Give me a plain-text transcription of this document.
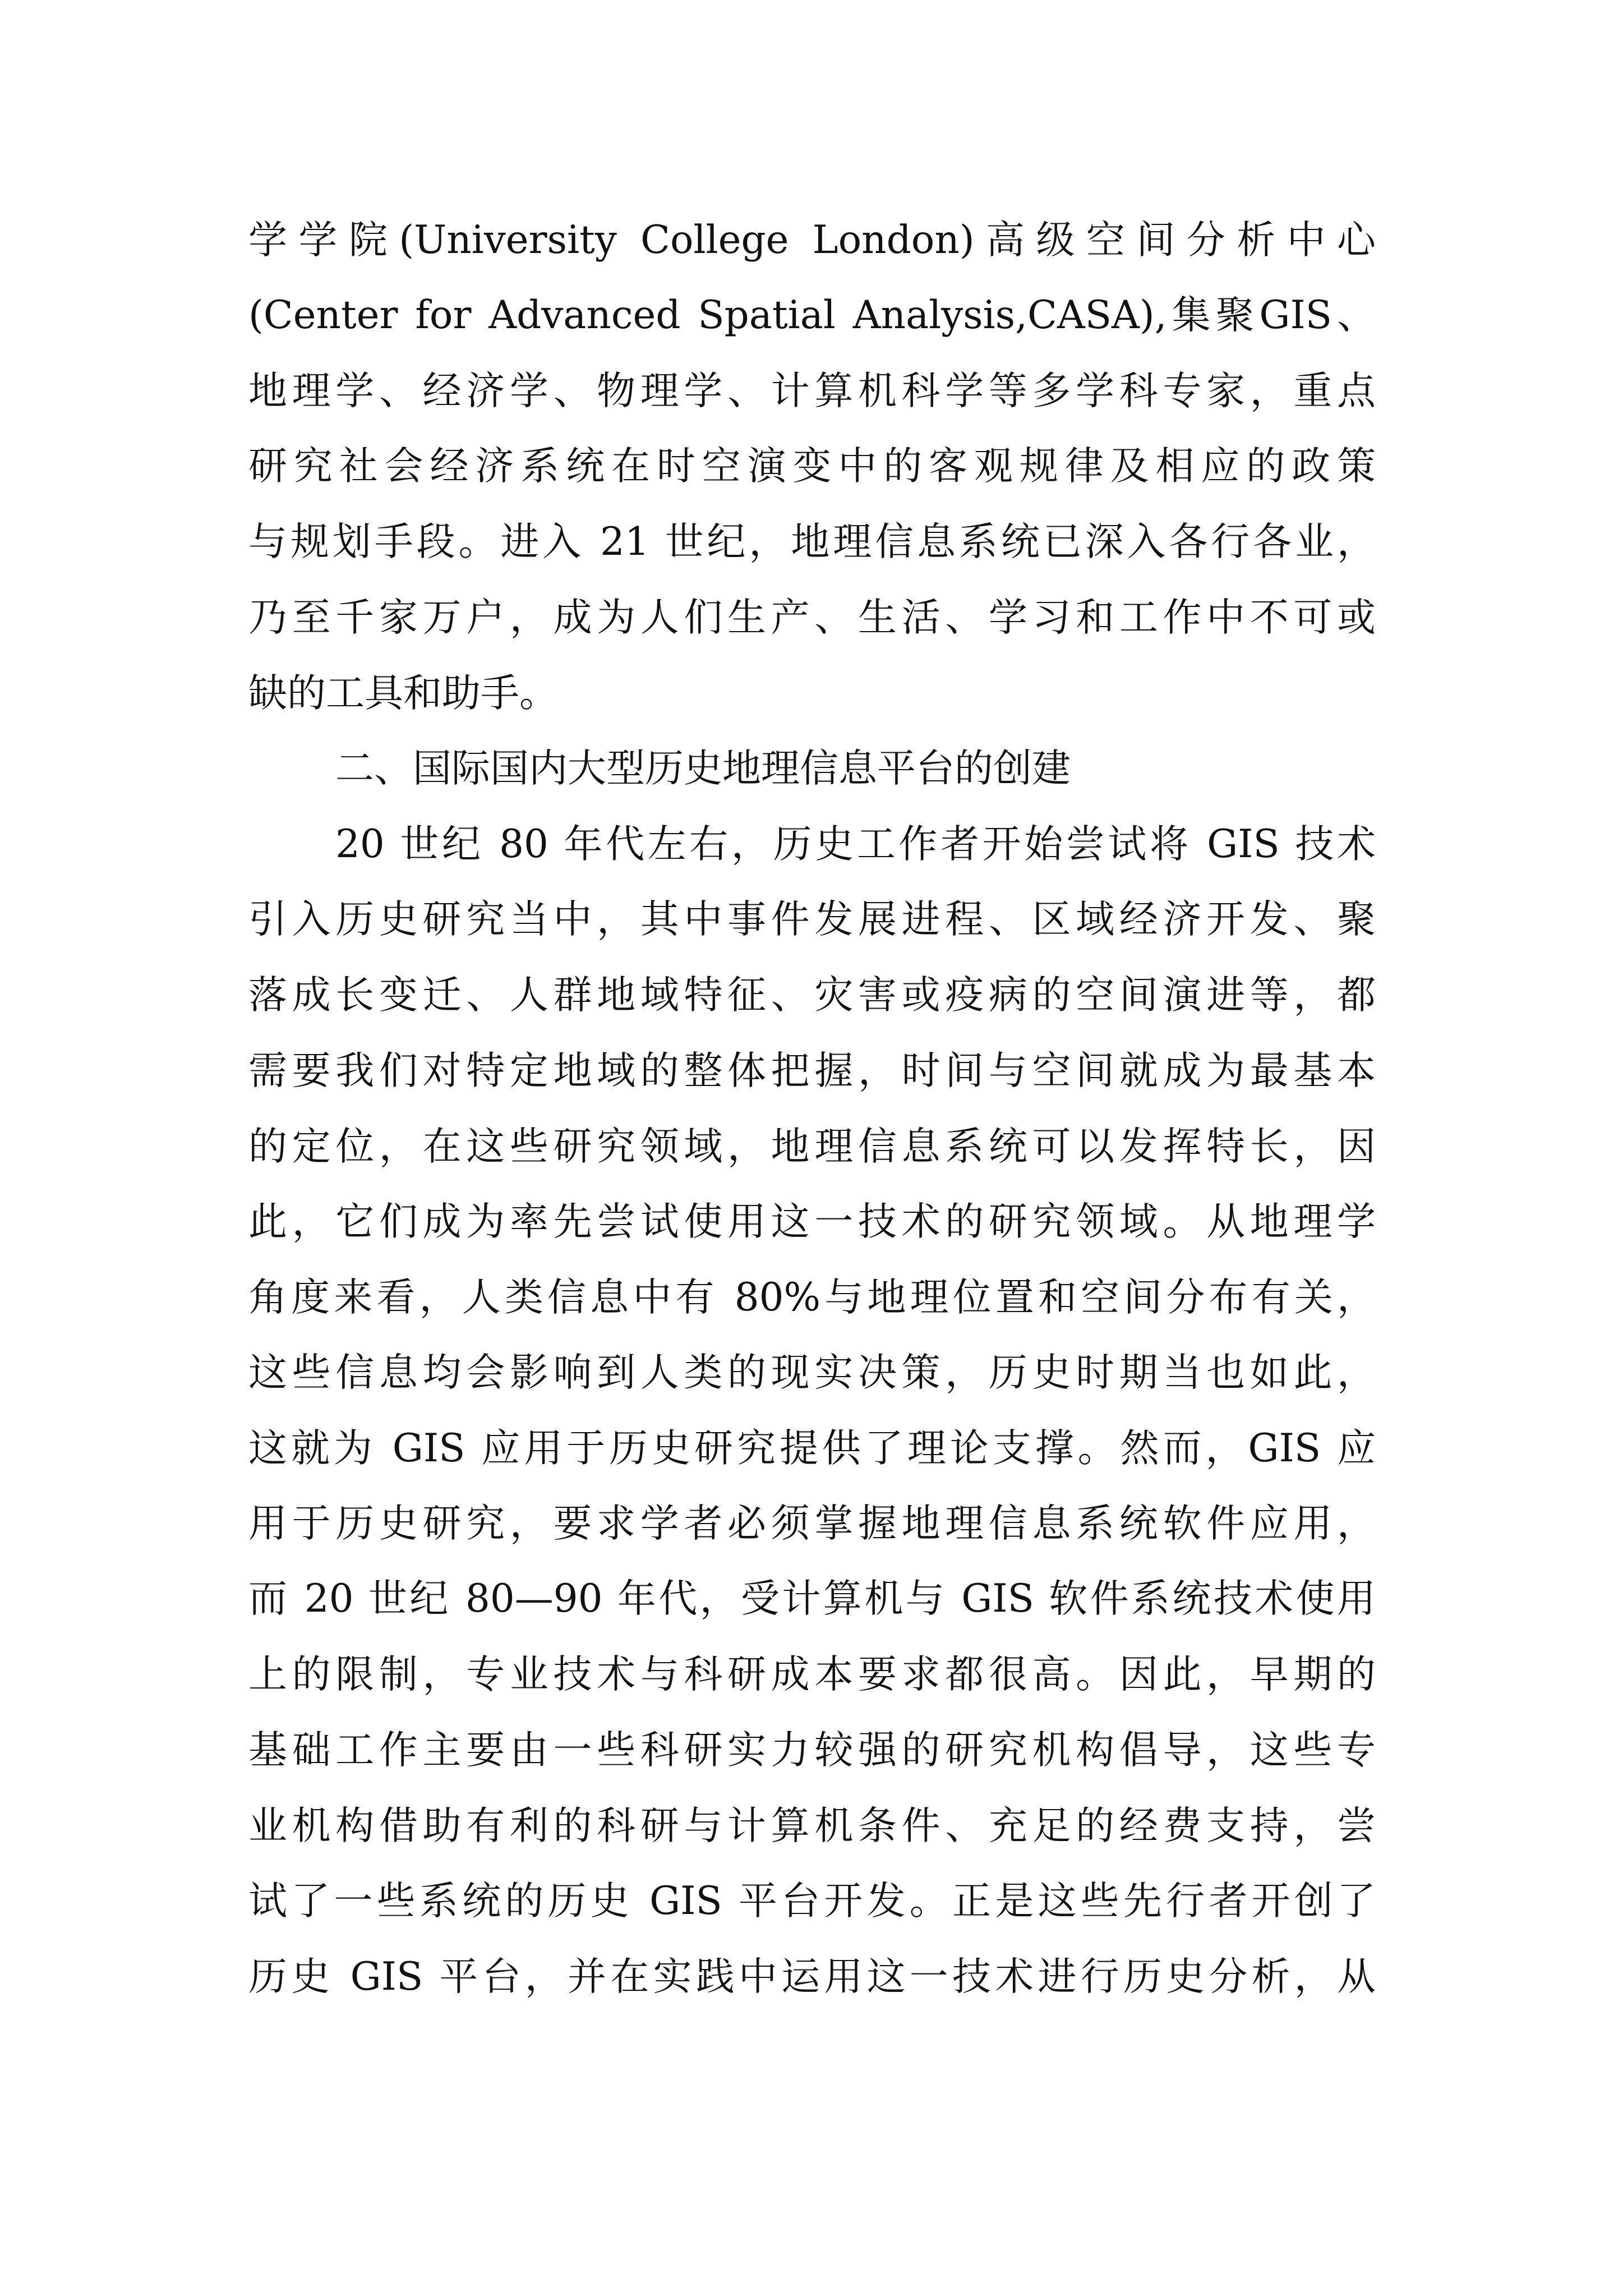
学学院(University College London)高级空间分析中心

(Center for Advanced Spatial Analysis,CASA),集聚GIS、

地理学、经济学、物理学、计算机科学等多学科专家，重点

研究社会经济系统在时空演变中的客观规律及相应的政策

与规划手段。进入 21 世纪，地理信息系统已深入各行各业，

乃至千家万户，成为人们生产、生活、学习和工作中不可或

缺的工具和助手。

二、国际国内大型历史地理信息平台的创建

20 世纪 80 年代左右，历史工作者开始尝试将 GIS 技术

引入历史研究当中，其中事件发展进程、区域经济开发、聚

落成长变迁、人群地域特征、灾害或疫病的空间演进等，都

需要我们对特定地域的整体把握，时间与空间就成为最基本

的定位，在这些研究领域，地理信息系统可以发挥特长，因

此，它们成为率先尝试使用这一技术的研究领域。从地理学

角度来看，人类信息中有 80%与地理位置和空间分布有关，

这些信息均会影响到人类的现实决策，历史时期当也如此，

这就为 GIS 应用于历史研究提供了理论支撑。然而，GIS 应

用于历史研究，要求学者必须掌握地理信息系统软件应用，

而 20 世纪 80—90 年代，受计算机与 GIS 软件系统技术使用

上的限制，专业技术与科研成本要求都很高。因此，早期的

基础工作主要由一些科研实力较强的研究机构倡导，这些专

业机构借助有利的科研与计算机条件、充足的经费支持，尝

试了一些系统的历史 GIS 平台开发。正是这些先行者开创了

历史 GIS 平台，并在实践中运用这一技术进行历史分析，从
